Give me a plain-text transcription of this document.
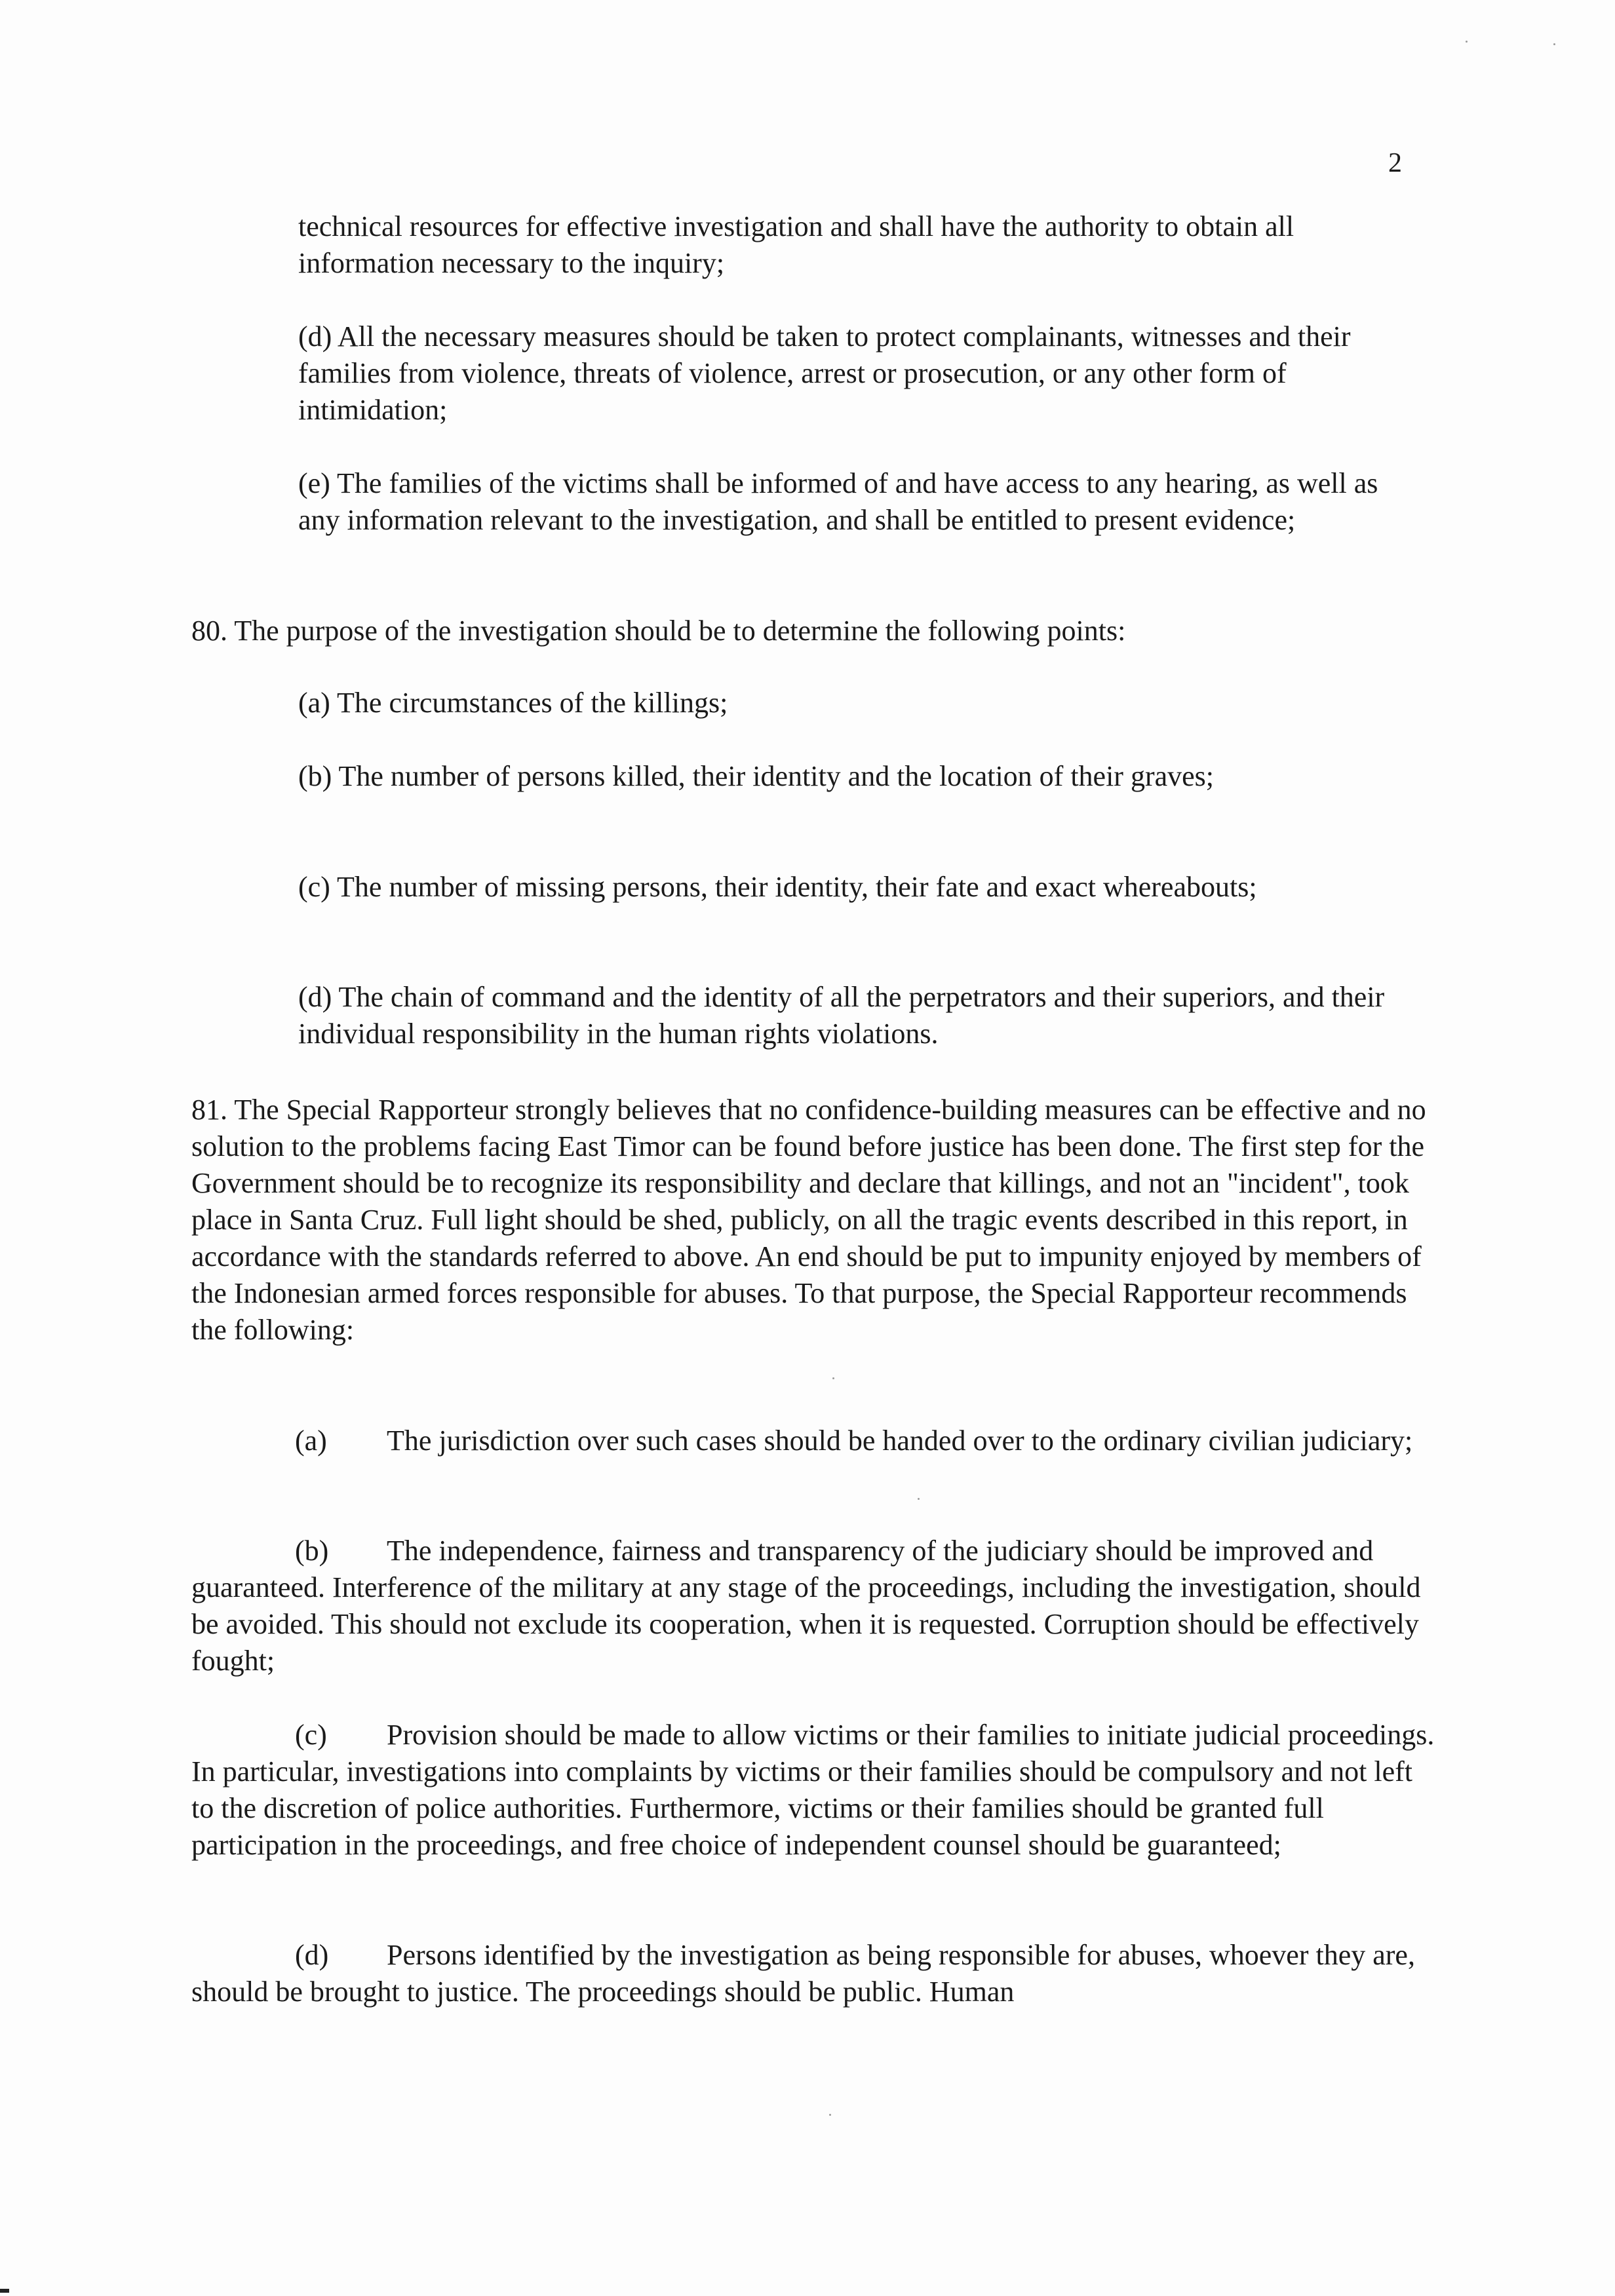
2

technical resources for effective investigation and shall have the authority to obtain all information necessary to the inquiry;

(d) All the necessary measures should be taken to protect complainants, witnesses and their families from violence, threats of violence, arrest or prosecution, or any other form of intimidation;

(e) The families of the victims shall be informed of and have access to any hearing, as well as any information relevant to the investigation, and shall be entitled to present evidence;

80. The purpose of the investigation should be to determine the following points:

(a) The circumstances of the killings;

(b) The number of persons killed, their identity and the location of their graves;

(c) The number of missing persons, their identity, their fate and exact whereabouts;

(d) The chain of command and the identity of all the perpetrators and their superiors, and their individual responsibility in the human rights violations.

81. The Special Rapporteur strongly believes that no confidence-building measures can be effective and no solution to the problems facing East Timor can be found before justice has been done. The first step for the Government should be to recognize its responsibility and declare that killings, and not an "incident", took place in Santa Cruz. Full light should be shed, publicly, on all the tragic events described in this report, in accordance with the standards referred to above. An end should be put to impunity enjoyed by members of the Indonesian armed forces responsible for abuses. To that purpose, the Special Rapporteur recommends the following:

(a) The jurisdiction over such cases should be handed over to the ordinary civilian judiciary;

(b) The independence, fairness and transparency of the judiciary should be improved and guaranteed. Interference of the military at any stage of the proceedings, including the investigation, should be avoided. This should not exclude its cooperation, when it is requested. Corruption should be effectively fought;

(c) Provision should be made to allow victims or their families to initiate judicial proceedings. In particular, investigations into complaints by victims or their families should be compulsory and not left to the discretion of police authorities. Furthermore, victims or their families should be granted full participation in the proceedings, and free choice of independent counsel should be guaranteed;

(d) Persons identified by the investigation as being responsible for abuses, whoever they are, should be brought to justice. The proceedings should be public. Human
